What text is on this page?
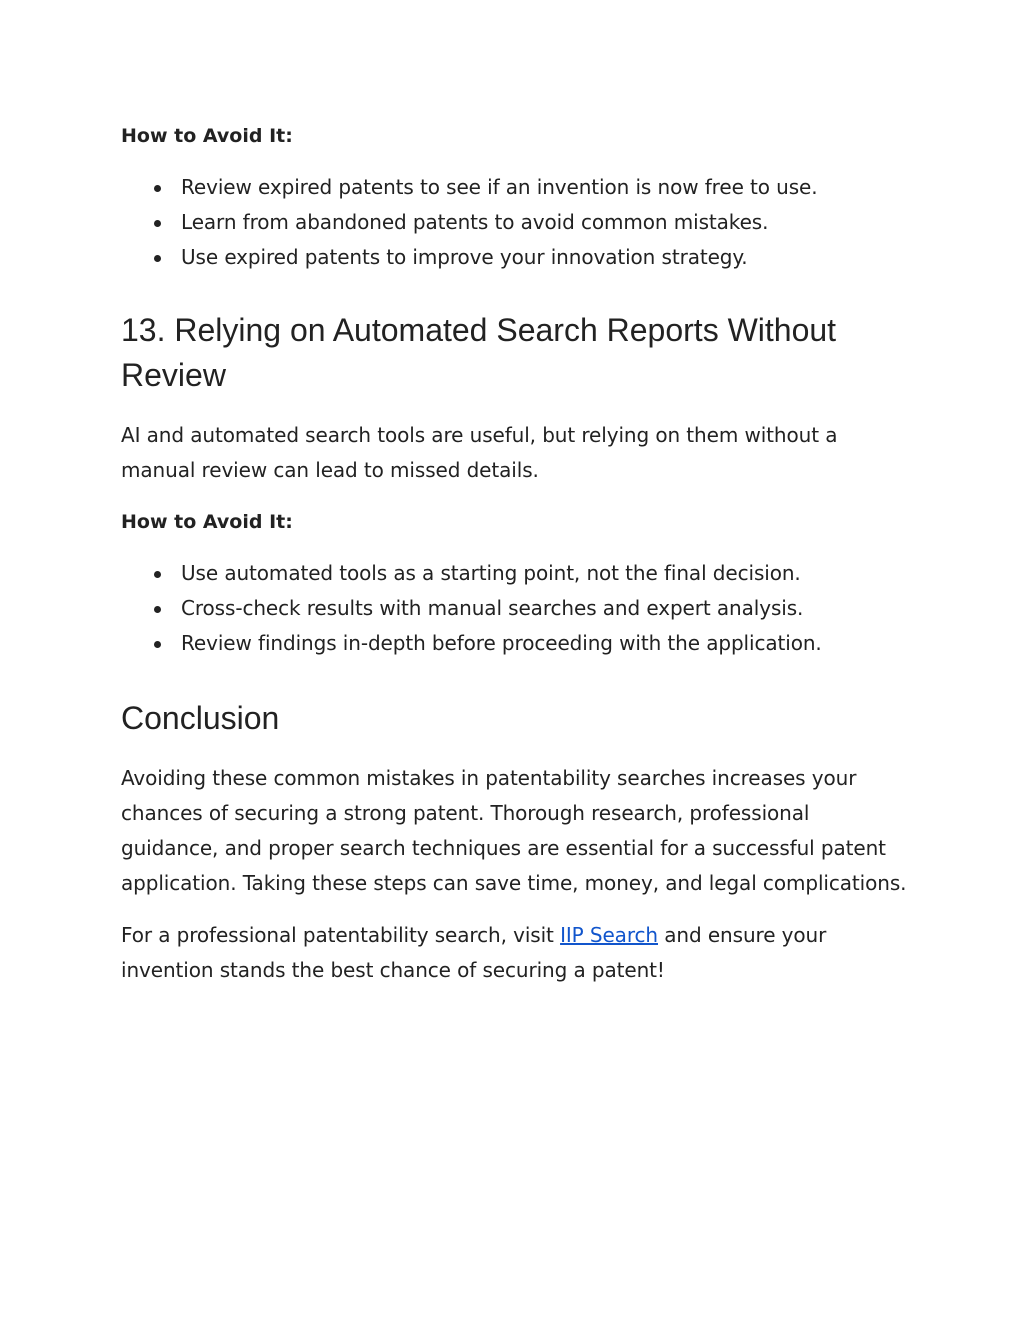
How to Avoid It:

Review expired patents to see if an invention is now free to use.
Learn from abandoned patents to avoid common mistakes.
Use expired patents to improve your innovation strategy.
13. Relying on Automated Search Reports Without Review

AI and automated search tools are useful, but relying on them without a manual review can lead to missed details.

How to Avoid It:

Use automated tools as a starting point, not the final decision.
Cross-check results with manual searches and expert analysis.
Review findings in-depth before proceeding with the application.
Conclusion

Avoiding these common mistakes in patentability searches increases your chances of securing a strong patent. Thorough research, professional guidance, and proper search techniques are essential for a successful patent application. Taking these steps can save time, money, and legal complications.

For a professional patentability search, visit IIP Search and ensure your invention stands the best chance of securing a patent!
